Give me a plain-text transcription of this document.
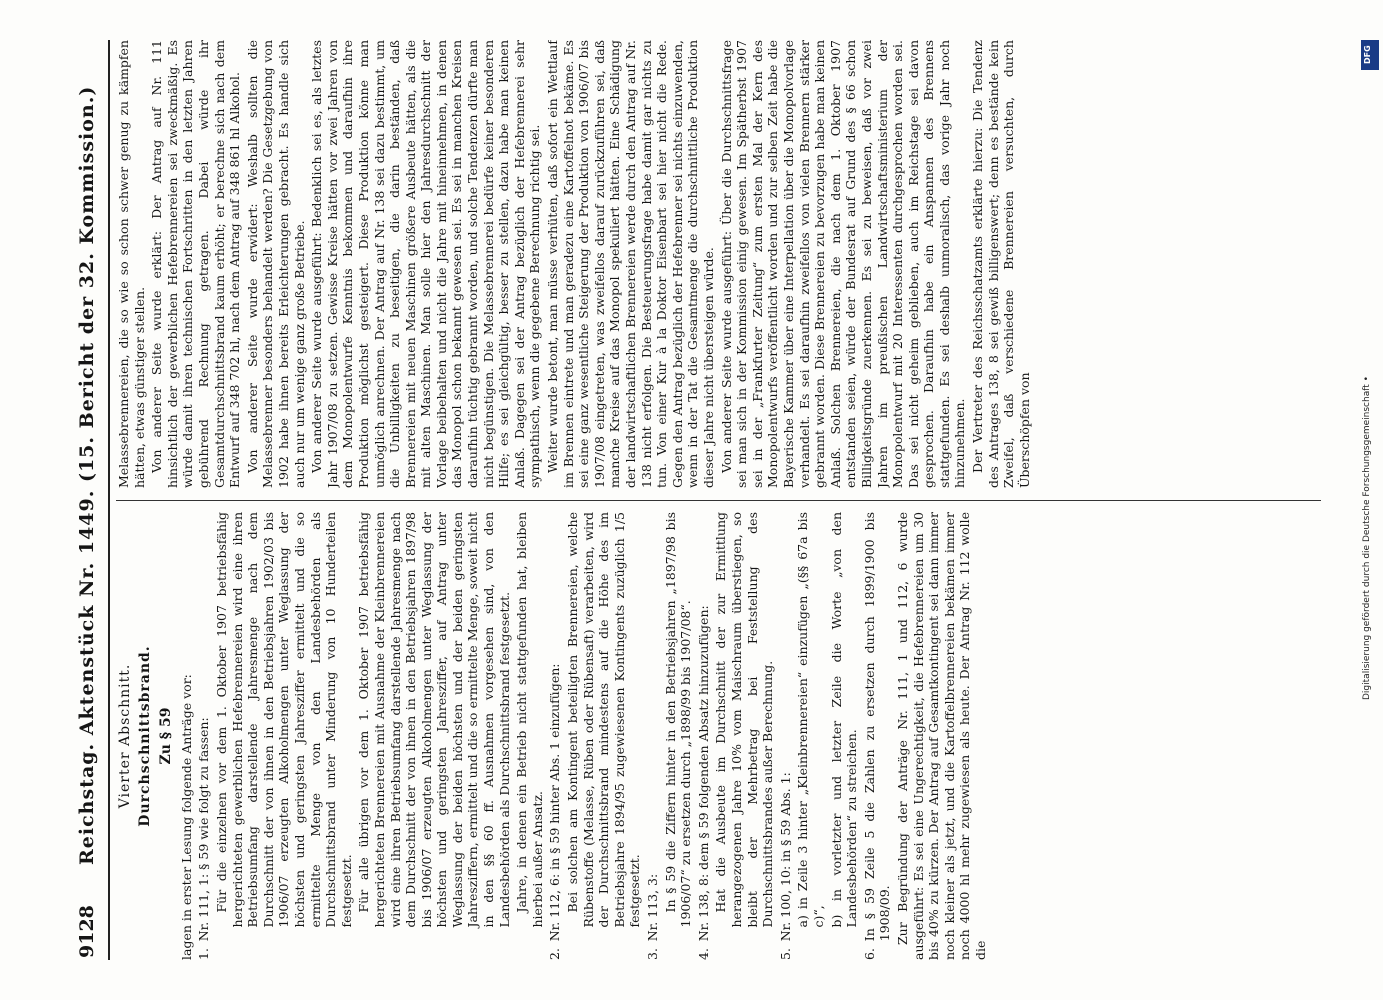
9128
Reichstag. Aktenstück Nr. 1449. (15. Bericht der 32. Kommission.) Vierter Abschnitt. Durchschnittsbrand. Zu § 59 lagen in erster Lesung folgende Anträge vor: 1.Nr. 111, 1: § 59 wie folgt zu fassen: Für die einzelnen vor dem 1. Oktober 1907 betriebsfähig hergerichteten gewerblichen Hefebrennereien wird eine ihren Betriebsumfang darstellende Jahresmenge nach dem Durchschnitt der von ihnen in den Betriebsjahren 1902/03 bis 1906/07 erzeugten Alkoholmengen unter Weglassung der höchsten und geringsten Jahresziffer ermittelt und die so ermittelte Menge von den Landesbehörden als Durchschnittsbrand unter Minderung von 10 Hunderteilen festgesetzt. Für alle übrigen vor dem 1. Oktober 1907 betriebsfähig hergerichteten Brennereien mit Ausnahme der Kleinbrennereien wird eine ihren Betriebsumfang darstellende Jahresmenge nach dem Durchschnitt der von ihnen in den Betriebsjahren 1897/98 bis 1906/07 erzeugten Alkoholmengen unter Weglassung der höchsten und geringsten Jahresziffer, auf Antrag unter Weglassung der beiden höchsten und der beiden geringsten Jahresziffern, ermittelt und die so ermittelte Menge, soweit nicht in den §§ 60 ff. Ausnahmen vorgesehen sind, von den Landesbehörden als Durchschnittsbrand festgesetzt. Jahre, in denen ein Betrieb nicht stattgefunden hat, bleiben hierbei außer Ansatz.

2.Nr. 112, 6: in § 59 hinter Abs. 1 einzufügen: Bei solchen am Kontingent beteiligten Brennereien, welche Rübenstoffe (Melasse, Rüben oder Rübensaft) verarbeiten, wird der Durchschnittsbrand mindestens auf die Höhe des im Betriebsjahre 1894/95 zugewiesenen Kontingents zuzüglich 1/5 festgesetzt.

3.Nr. 113, 3: In § 59 die Ziffern hinter in den Betriebsjahren „1897/98 bis 1906/07“ zu ersetzen durch „1898/99 bis 1907/08“.

4.Nr. 138, 8: dem § 59 folgenden Absatz hinzuzufügen: Hat die Ausbeute im Durchschnitt der zur Ermittlung herangezogenen Jahre 10% vom Maischraum überstiegen, so bleibt der Mehrbetrag bei Feststellung des Durchschnittsbrandes außer Berechnung.

5.Nr. 100, 10: in § 59 Abs. 1: a) in Zeile 3 hinter „Kleinbrennereien“ einzufügen „(§§ 67a bis c)“, b) in vorletzter und letzter Zeile die Worte „von den Landesbehörden“ zu streichen.

6.In § 59 Zeile 5 die Zahlen zu ersetzen durch 1899/1900 bis 1908/09. Zur Begründung der Anträge Nr. 111, 1 und 112, 6 wurde ausgeführt: Es sei eine Ungerechtigkeit, die Hefebrennereien um 30 bis 40% zu kürzen. Der Antrag auf Gesamtkontingent sei dann immer noch kleiner als jetzt, und die Kartoffelbrennereien bekämen immer noch 4000 hl mehr zugewiesen als heute. Der Antrag Nr. 112 wolle die

Melassebrennereien, die so wie so schon schwer genug zu kämpfen hätten, etwas günstiger stellen. Von anderer Seite wurde erklärt: Der Antrag auf Nr. 111 hinsichtlich der gewerblichen Hefebrennereien sei zweckmäßig. Es würde damit ihren technischen Fortschritten in den letzten Jahren gebührend Rechnung getragen. Dabei würde ihr Gesamtdurchschnittsbrand kaum erhöht; er berechne sich nach dem Entwurf auf 348 702 hl, nach dem Antrag auf 348 861 hl Alkohol. Von anderer Seite wurde erwidert: Weshalb sollten die Melassebrenner besonders behandelt werden? Die Gesetzgebung von 1902 habe ihnen bereits Erleichterungen gebracht. Es handle sich auch nur um wenige ganz große Betriebe. Von anderer Seite wurde ausgeführt: Bedenklich sei es, als letztes Jahr 1907/08 zu setzen. Gewisse Kreise hätten vor zwei Jahren von dem Monopolentwurfe Kenntnis bekommen und daraufhin ihre Produktion möglichst gesteigert. Diese Produktion könne man unmöglich anrechnen. Der Antrag auf Nr. 138 sei dazu bestimmt, um die Unbilligkeiten zu beseitigen, die darin beständen, daß Brennereien mit neuen Maschinen größere Ausbeute hätten, als die mit alten Maschinen. Man solle hier den Jahresdurchschnitt der Vorlage beibehalten und nicht die Jahre mit hineinnehmen, in denen das Monopol schon bekannt gewesen sei. Es sei in manchen Kreisen daraufhin tüchtig gebrannt worden, und solche Tendenzen dürfte man nicht begünstigen. Die Melassebrennerei bedürfe keiner besonderen Hilfe; es sei gleichgültig, besser zu stellen, dazu habe man keinen Anlaß. Dagegen sei der Antrag bezüglich der Hefebrennerei sehr sympathisch, wenn die gegebene Berechnung richtig sei. Weiter wurde betont, man müsse verhüten, daß sofort ein Wettlauf im Brennen eintrete und man geradezu eine Kartoffelnot bekäme. Es sei eine ganz wesentliche Steigerung der Produktion von 1906/07 bis 1907/08 eingetreten, was zweifellos darauf zurückzuführen sei, daß manche Kreise auf das Monopol spekuliert hätten. Eine Schädigung der landwirtschaftlichen Brennereien werde durch den Antrag auf Nr. 138 nicht erfolgen. Die Besteuerungsfrage habe damit gar nichts zu tun. Von einer Kur à la Doktor Eisenbart sei hier nicht die Rede. Gegen den Antrag bezüglich der Hefebrenner sei nichts einzuwenden, wenn in der Tat die Gesamtmenge die durchschnittliche Produktion dieser Jahre nicht übersteigen würde. Von anderer Seite wurde ausgeführt: Über die Durchschnittsfrage sei man sich in der Kommission einig gewesen. Im Spätherbst 1907 sei in der „Frankfurter Zeitung“ zum ersten Mal der Kern des Monopolentwurfs veröffentlicht worden und zur selben Zeit habe die Bayerische Kammer über eine Interpellation über die Monopolvorlage verhandelt. Es sei daraufhin zweifellos von vielen Brennern stärker gebrannt worden. Diese Brennereien zu bevorzugen habe man keinen Anlaß. Solchen Brennereien, die nach dem 1. Oktober 1907 entstanden seien, würde der Bundesrat auf Grund des § 66 schon Billigkeitsgründe zuerkennen. Es sei zu beweisen, daß vor zwei Jahren im preußischen Landwirtschaftsministerium der Monopolentwurf mit 20 Interessenten durchgesprochen worden sei. Das sei nicht geheim geblieben, auch im Reichstage sei davon gesprochen. Daraufhin habe ein Anspannen des Brennens stattgefunden. Es sei deshalb unmoralisch, das vorige Jahr noch hinzunehmen. Der Vertreter des Reichsschatzamts erklärte hierzu: Die Tendenz des Antrages 138, 8 sei gewiß billigenswert; denn es bestände kein Zweifel, daß verschiedene Brennereien versuchten, durch Überschöpfen von	Digitalisierung gefördert durch die Deutsche Forschungsgemeinschaft •
DFG
